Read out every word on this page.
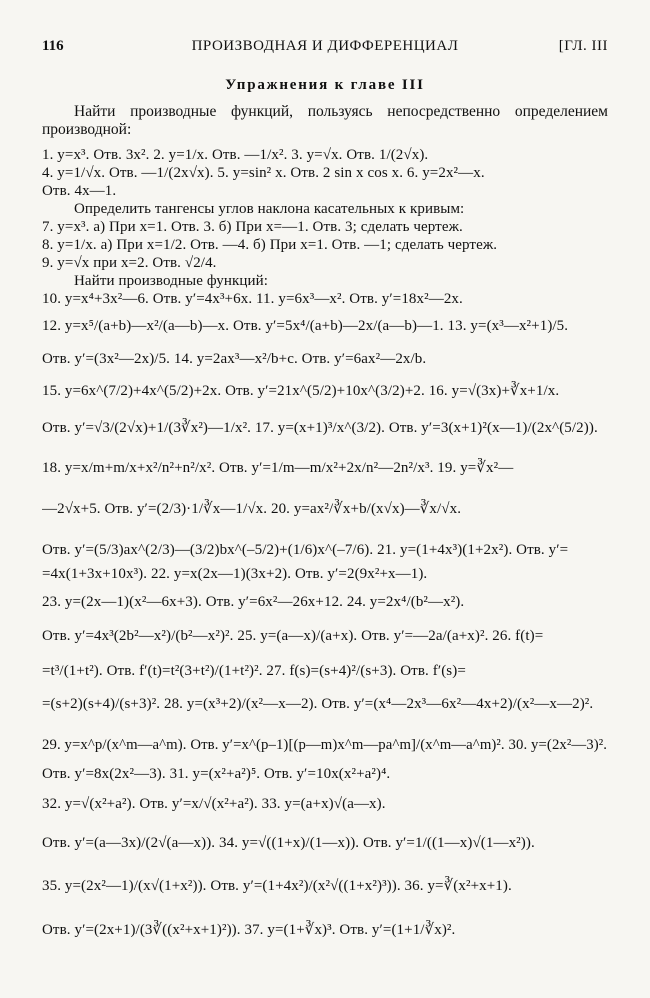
116	ПРОИЗВОДНАЯ И ДИФФЕРЕНЦИАЛ	[ГЛ. III
Упражнения к главе III
Найти производные функций, пользуясь непосредственно определением производной:
1. y=x³. Отв. 3x². 2. y=1/x. Отв. —1/x². 3. y=√x. Отв. 1/(2√x).
4. y=1/√x. Отв. —1/(2x√x). 5. y=sin² x. Отв. 2 sin x cos x. 6. y=2x²—x.
Отв. 4x—1.
Определить тангенсы углов наклона касательных к кривым:
7. y=x³. а) При x=1. Отв. 3. б) При x=—1. Отв. 3; сделать чертеж.
8. y=1/x. а) При x=1/2. Отв. —4. б) При x=1. Отв. —1; сделать чертеж.
9. y=√x при x=2. Отв. √2/4.
Найти производные функций:
10. y=x⁴+3x²—6. Отв. y′=4x³+6x. 11. y=6x³—x². Отв. y′=18x²—2x.
12. y=x⁵/(a+b)—x²/(a—b)—x. Отв. y′=5x⁴/(a+b)—2x/(a—b)—1. 13. y=(x³—x²+1)/5.
Отв. y′=(3x²—2x)/5. 14. y=2ax³—x²/b+c. Отв. y′=6ax²—2x/b.
15. y=6x^(7/2)+4x^(5/2)+2x. Отв. y′=21x^(5/2)+10x^(3/2)+2. 16. y=√(3x)+∛x+1/x.
Отв. y′=√3/(2√x)+1/(3∛x²)—1/x². 17. y=(x+1)³/x^(3/2). Отв. y′=3(x+1)²(x—1)/(2x^(5/2)).
18. y=x/m+m/x+x²/n²+n²/x². Отв. y′=1/m—m/x²+2x/n²—2n²/x³. 19. y=∛x²—
—2√x+5. Отв. y′=(2/3)·1/∛x—1/√x. 20. y=ax²/∛x+b/(x√x)—∛x/√x.
Отв. y′=(5/3)ax^(2/3)—(3/2)bx^(–5/2)+(1/6)x^(–7/6). 21. y=(1+4x³)(1+2x²). Отв. y′=
=4x(1+3x+10x³). 22. y=x(2x—1)(3x+2). Отв. y′=2(9x²+x—1).
23. y=(2x—1)(x²—6x+3). Отв. y′=6x²—26x+12. 24. y=2x⁴/(b²—x²).
Отв. y′=4x³(2b²—x²)/(b²—x²)². 25. y=(a—x)/(a+x). Отв. y′=—2a/(a+x)². 26. f(t)=
=t³/(1+t²). Отв. f′(t)=t²(3+t²)/(1+t²)². 27. f(s)=(s+4)²/(s+3). Отв. f′(s)=
=(s+2)(s+4)/(s+3)². 28. y=(x³+2)/(x²—x—2). Отв. y′=(x⁴—2x³—6x²—4x+2)/(x²—x—2)².
29. y=x^p/(x^m—a^m). Отв. y′=x^(p–1)[(p—m)x^m—pa^m]/(x^m—a^m)². 30. y=(2x²—3)².
Отв. y′=8x(2x²—3). 31. y=(x²+a²)⁵. Отв. y′=10x(x²+a²)⁴.
32. y=√(x²+a²). Отв. y′=x/√(x²+a²). 33. y=(a+x)√(a—x).
Отв. y′=(a—3x)/(2√(a—x)). 34. y=√((1+x)/(1—x)). Отв. y′=1/((1—x)√(1—x²)).
35. y=(2x²—1)/(x√(1+x²)). Отв. y′=(1+4x²)/(x²√((1+x²)³)). 36. y=∛(x²+x+1).
Отв. y′=(2x+1)/(3∛((x²+x+1)²)). 37. y=(1+∛x)³. Отв. y′=(1+1/∛x)².
